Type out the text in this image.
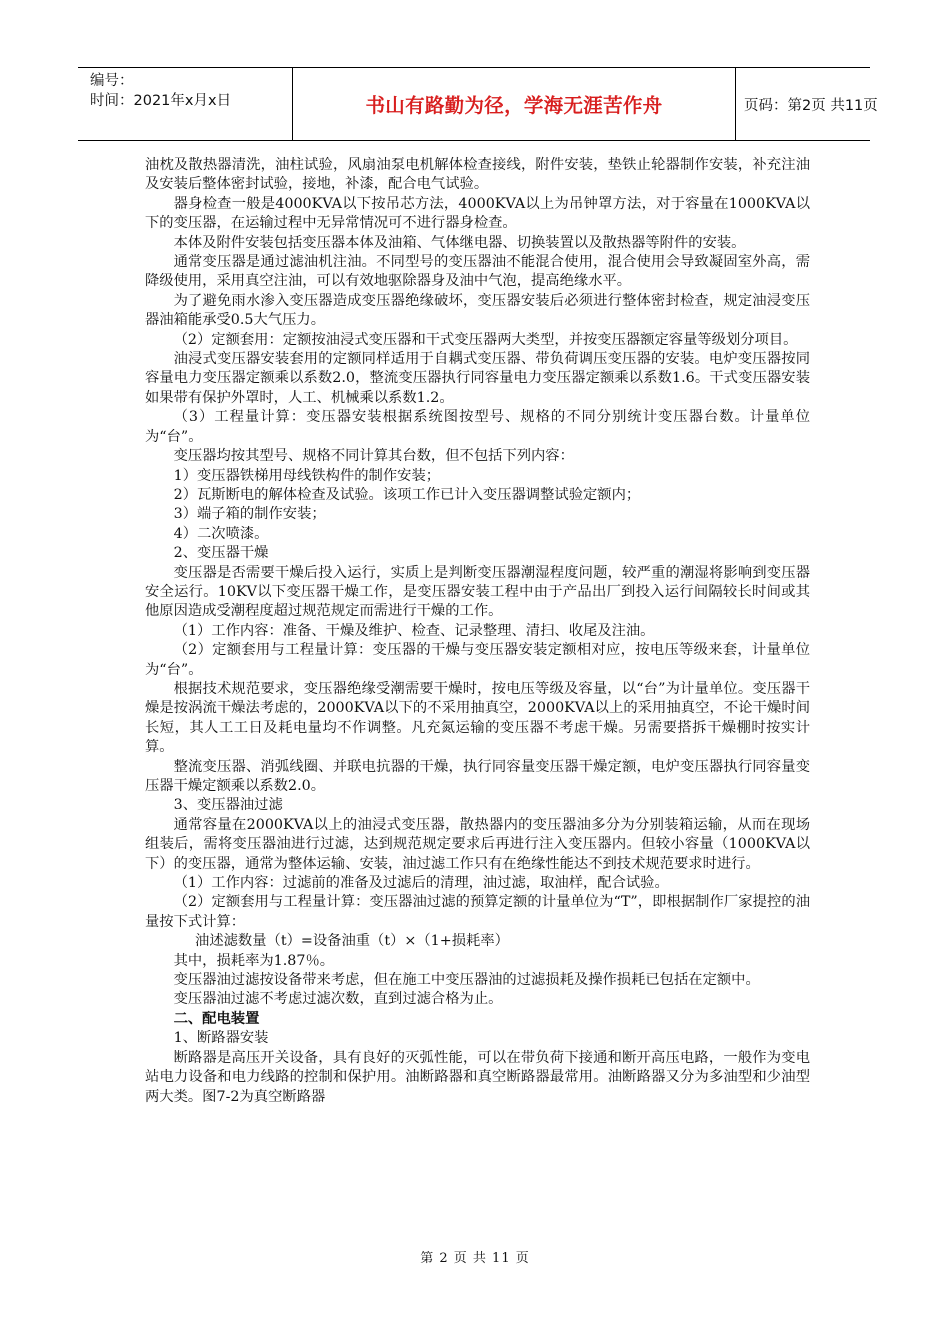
编号：
时间：2021年x月x日	书山有路勤为径，学海无涯苦作舟	页码：第2页 共11页

油枕及散热器清洗，油柱试验，风扇油泵电机解体检查接线，附件安装，垫铁止轮器制作安装，补充注油及安装后整体密封试验，接地，补漆，配合电气试验。

器身检查一般是4000KVA以下按吊芯方法，4000KVA以上为吊钟罩方法，对于容量在1000KVA以下的变压器，在运输过程中无异常情况可不进行器身检查。

本体及附件安装包括变压器本体及油箱、气体继电器、切换装置以及散热器等附件的安装。

通常变压器是通过滤油机注油。不同型号的变压器油不能混合使用，混合使用会导致凝固室外高，需降级使用，采用真空注油，可以有效地驱除器身及油中气泡，提高绝缘水平。

为了避免雨水渗入变压器造成变压器绝缘破坏，变压器安装后必须进行整体密封检查，规定油浸变压器油箱能承受0.5大气压力。

（2）定额套用：定额按油浸式变压器和干式变压器两大类型，并按变压器额定容量等级划分项目。

油浸式变压器安装套用的定额同样适用于自耦式变压器、带负荷调压变压器的安装。电炉变压器按同容量电力变压器定额乘以系数2.0，整流变压器执行同容量电力变压器定额乘以系数1.6。干式变压器安装如果带有保护外罩时，人工、机械乘以系数1.2。

（3）工程量计算：变压器安装根据系统图按型号、规格的不同分别统计变压器台数。计量单位为“台”。

变压器均按其型号、规格不同计算其台数，但不包括下列内容：

1）变压器铁梯用母线铁构件的制作安装；

2）瓦斯断电的解体检查及试验。该项工作已计入变压器调整试验定额内；

3）端子箱的制作安装；

4）二次喷漆。

2、变压器干燥

变压器是否需要干燥后投入运行，实质上是判断变压器潮湿程度问题，较严重的潮湿将影响到变压器安全运行。10KV以下变压器干燥工作，是变压器安装工程中由于产品出厂到投入运行间隔较长时间或其他原因造成受潮程度超过规范规定而需进行干燥的工作。

（1）工作内容：准备、干燥及维护、检查、记录整理、清扫、收尾及注油。

（2）定额套用与工程量计算：变压器的干燥与变压器安装定额相对应，按电压等级来套，计量单位为“台”。

根据技术规范要求，变压器绝缘受潮需要干燥时，按电压等级及容量，以“台”为计量单位。变压器干燥是按涡流干燥法考虑的，2000KVA以下的不采用抽真空，2000KVA以上的采用抽真空，不论干燥时间长短，其人工工日及耗电量均不作调整。凡充氮运输的变压器不考虑干燥。另需要搭拆干燥棚时按实计算。

整流变压器、消弧线圈、并联电抗器的干燥，执行同容量变压器干燥定额，电炉变压器执行同容量变压器干燥定额乘以系数2.0。

3、变压器油过滤

通常容量在2000KVA以上的油浸式变压器，散热器内的变压器油多分为分别装箱运输，从而在现场组装后，需将变压器油进行过滤，达到规范规定要求后再进行注入变压器内。但较小容量（1000KVA以下）的变压器，通常为整体运输、安装，油过滤工作只有在绝缘性能达不到技术规范要求时进行。

（1）工作内容：过滤前的准备及过滤后的清理，油过滤，取油样，配合试验。

（2）定额套用与工程量计算：变压器油过滤的预算定额的计量单位为“T”，即根据制作厂家提控的油量按下式计算：

油述滤数量（t）=设备油重（t）×（1+损耗率）

其中，损耗率为1.87％。

变压器油过滤按设备带来考虑，但在施工中变压器油的过滤损耗及操作损耗已包括在定额中。

变压器油过滤不考虑过滤次数，直到过滤合格为止。

二、配电装置

1、断路器安装

断路器是高压开关设备，具有良好的灭弧性能，可以在带负荷下接通和断开高压电路，一般作为变电站电力设备和电力线路的控制和保护用。油断路器和真空断路器最常用。油断路器又分为多油型和少油型两大类。图7-2为真空断路器

第 2 页 共 11 页
